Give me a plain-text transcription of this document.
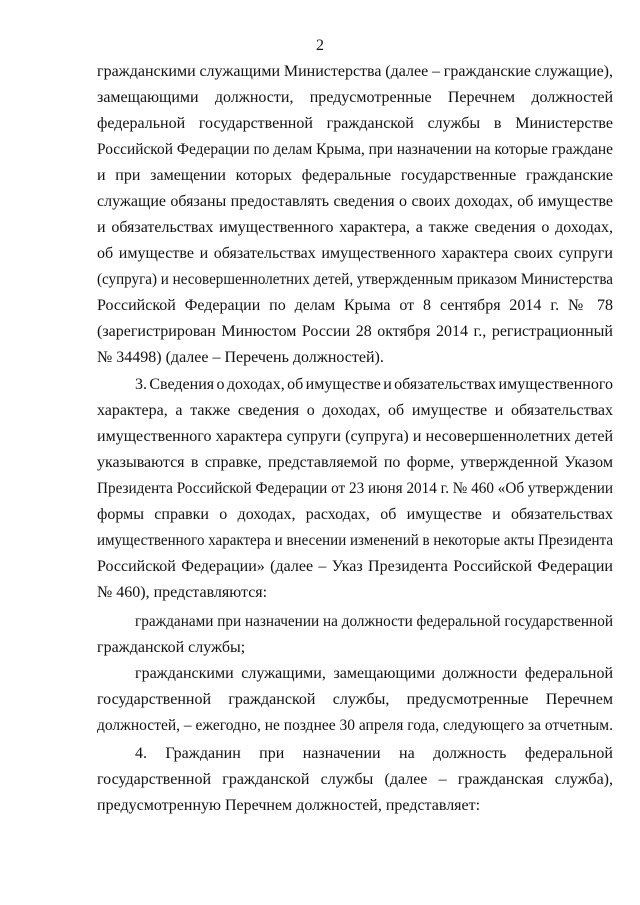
2
гражданскими служащими Министерства (далее – гражданские служащие),
замещающими должности, предусмотренные Перечнем должностей
федеральной государственной гражданской службы в Министерстве
Российской Федерации по делам Крыма, при назначении на которые граждане
и при замещении которых федеральные государственные гражданские
служащие обязаны предоставлять сведения о своих доходах, об имуществе
и обязательствах имущественного характера, а также сведения о доходах,
об имуществе и обязательствах имущественного характера своих супруги
(супруга) и несовершеннолетних детей, утвержденным приказом Министерства
Российской Федерации по делам Крыма от 8 сентября 2014 г. № 78
(зарегистрирован Минюстом России 28 октября 2014 г., регистрационный
№ 34498) (далее – Перечень должностей).
3. Сведения о доходах, об имуществе и обязательствах имущественного
характера, а также сведения о доходах, об имуществе и обязательствах
имущественного характера супруги (супруга) и несовершеннолетних детей
указываются в справке, представляемой по форме, утвержденной Указом
Президента Российской Федерации от 23 июня 2014 г. № 460 «Об утверждении
формы справки о доходах, расходах, об имуществе и обязательствах
имущественного характера и внесении изменений в некоторые акты Президента
Российской Федерации» (далее – Указ Президента Российской Федерации
№ 460), представляются:
гражданами при назначении на должности федеральной государственной
гражданской службы;
гражданскими служащими, замещающими должности федеральной
государственной гражданской службы, предусмотренные Перечнем
должностей, – ежегодно, не позднее 30 апреля года, следующего за отчетным.
4. Гражданин при назначении на должность федеральной
государственной гражданской службы (далее – гражданская служба),
предусмотренную Перечнем должностей, представляет:
